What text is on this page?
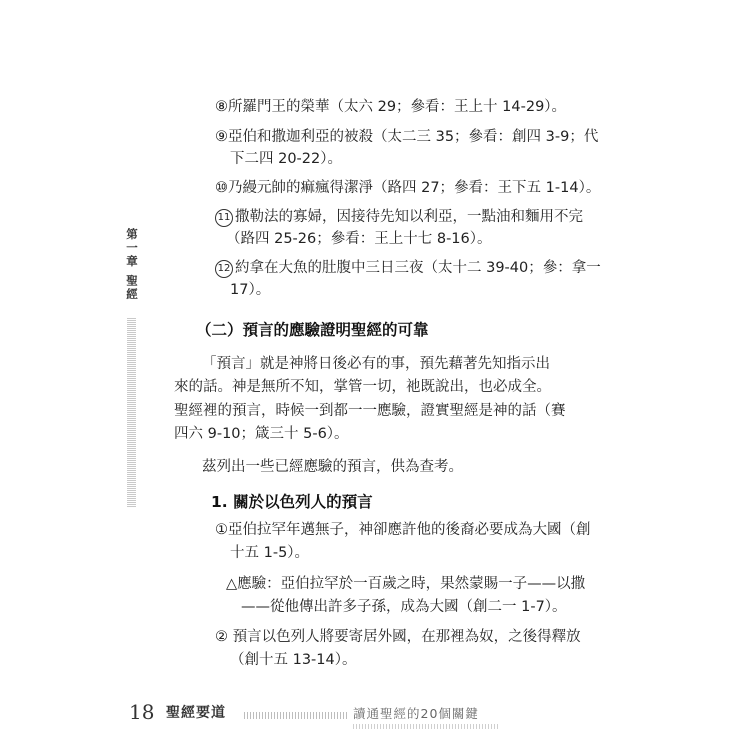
第一章 聖經
⑧所羅門王的榮華（太六 29；參看：王上十 14-29）。
⑨亞伯和撒迦利亞的被殺（太二三 35；參看：創四 3-9；代
下二四 20-22）。
⑩乃縵元帥的痲瘋得潔淨（路四 27；參看：王下五 1-14）。
11 撒勒法的寡婦，因接待先知以利亞，一點油和麵用不完
（路四 25-26；參看：王上十七 8-16）。
12 約拿在大魚的肚腹中三日三夜（太十二 39-40；參：拿一
17）。
（二）預言的應驗證明聖經的可靠
「預言」就是神將日後必有的事，預先藉著先知指示出
來的話。神是無所不知，掌管一切，祂既說出，也必成全。
聖經裡的預言，時候一到都一一應驗，證實聖經是神的話（賽
四六 9-10；箴三十 5-6）。
茲列出一些已經應驗的預言，供為查考。
1. 關於以色列人的預言
①亞伯拉罕年邁無子，神卻應許他的後裔必要成為大國（創
十五 1-5）。
△應驗：亞伯拉罕於一百歲之時，果然蒙賜一子——以撒
——從他傳出許多子孫，成為大國（創二一 1-7）。
② 預言以色列人將要寄居外國，在那裡為奴，之後得釋放
（創十五 13-14）。
18 聖經要道	讀通聖經的20個關鍵
